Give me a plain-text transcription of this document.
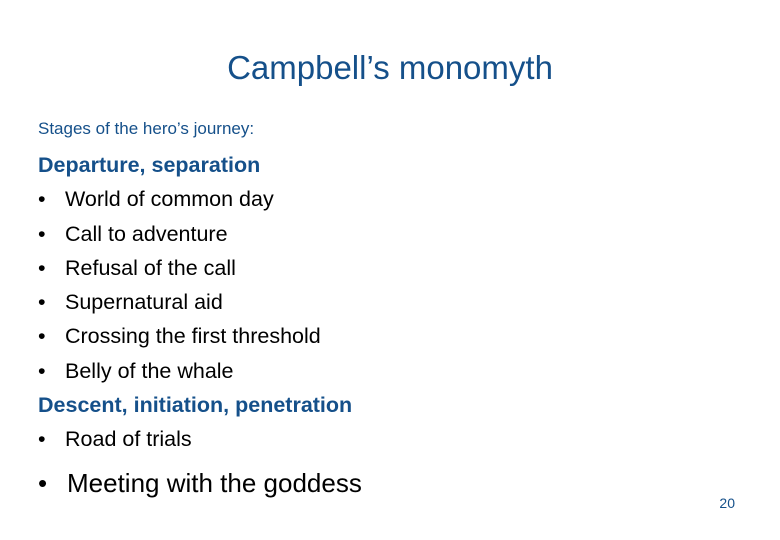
Campbell’s monomyth
Stages of the hero’s journey:
Departure, separation
• World of common day
• Call to adventure
• Refusal of the call
• Supernatural aid
• Crossing the first threshold
• Belly of the whale
Descent, initiation, penetration
• Road of trials
• Meeting with the goddess
20
